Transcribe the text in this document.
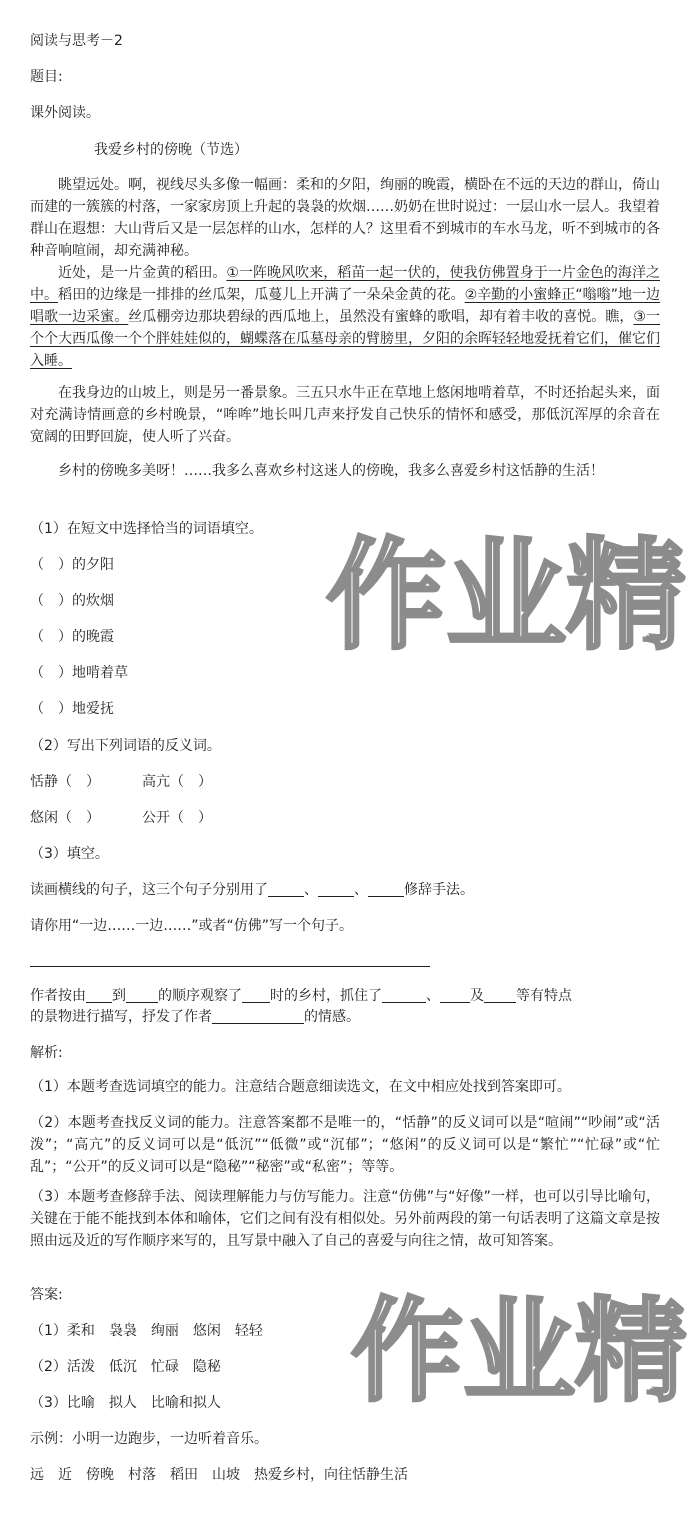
阅读与思考－2
题目:
课外阅读。
我爱乡村的傍晚（节选）
眺望远处。啊，视线尽头多像一幅画：柔和的夕阳，绚丽的晚霞，横卧在不远的天边的群山，倚山而建的一簇簇的村落，一家家房顶上升起的袅袅的炊烟……奶奶在世时说过：一层山水一层人。我望着群山在遐想：大山背后又是一层怎样的山水，怎样的人？这里看不到城市的车水马龙，听不到城市的各种音响喧闹，却充满神秘。
近处，是一片金黄的稻田。①一阵晚风吹来，稻苗一起一伏的，使我仿佛置身于一片金色的海洋之中。稻田的边缘是一排排的丝瓜架，瓜蔓儿上开满了一朵朵金黄的花。②辛勤的小蜜蜂正“嗡嗡”地一边唱歌一边采蜜。丝瓜棚旁边那块碧绿的西瓜地上，虽然没有蜜蜂的歌唱，却有着丰收的喜悦。瞧，③一个个大西瓜像一个个胖娃娃似的，蝴蝶落在瓜墓母亲的臂膀里，夕阳的余晖轻轻地爱抚着它们，催它们入睡。
在我身边的山坡上，则是另一番景象。三五只水牛正在草地上悠闲地啃着草，不时还抬起头来，面对充满诗情画意的乡村晚景，“哞哞”地长叫几声来抒发自己快乐的情怀和感受，那低沉浑厚的余音在宽阔的田野回旋，使人听了兴奋。
乡村的傍晚多美呀！……我多么喜欢乡村这迷人的傍晚，我多么喜爱乡村这恬静的生活！
（1）在短文中选择恰当的词语填空。
（　）的夕阳
（　）的炊烟
（　）的晚霞
（　）地啃着草
（　）地爱抚
（2）写出下列词语的反义词。
恬静（　）	高亢（　）
悠闲（　）	公开（　）
（3）填空。
读画横线的句子，这三个句子分别用了	、	、	修辞手法。
请你用“一边……一边……”或者“仿佛”写一个句子。
作者按由 到 的顺序观察了 时的乡村，抓住了	、 及 等有特点
的景物进行描写，抒发了作者	的情感。
解析:
（1）本题考查选词填空的能力。注意结合题意细读选文，在文中相应处找到答案即可。
（2）本题考查找反义词的能力。注意答案都不是唯一的，“恬静”的反义词可以是“喧闹”“吵闹”或“活泼”；“高亢”的反义词可以是“低沉”“低微”或“沉郁”；“悠闲”的反义词可以是“繁忙”“忙碌”或“忙乱”；“公开”的反义词可以是“隐秘”“秘密”或“私密”；等等。
（3）本题考查修辞手法、阅读理解能力与仿写能力。注意“仿佛”与“好像”一样，也可以引导比喻句，关键在于能不能找到本体和喻体，它们之间有没有相似处。另外前两段的第一句话表明了这篇文章是按照由远及近的写作顺序来写的，且写景中融入了自己的喜爱与向往之情，故可知答案。
答案:
（1）柔和　袅袅　绚丽　悠闲　轻轻
（2）活泼　低沉　忙碌　隐秘
（3）比喻　拟人　比喻和拟人
示例：小明一边跑步，一边听着音乐。
远　近　傍晚　村落　稻田　山坡　热爱乡村，向往恬静生活
作业精
作业精
